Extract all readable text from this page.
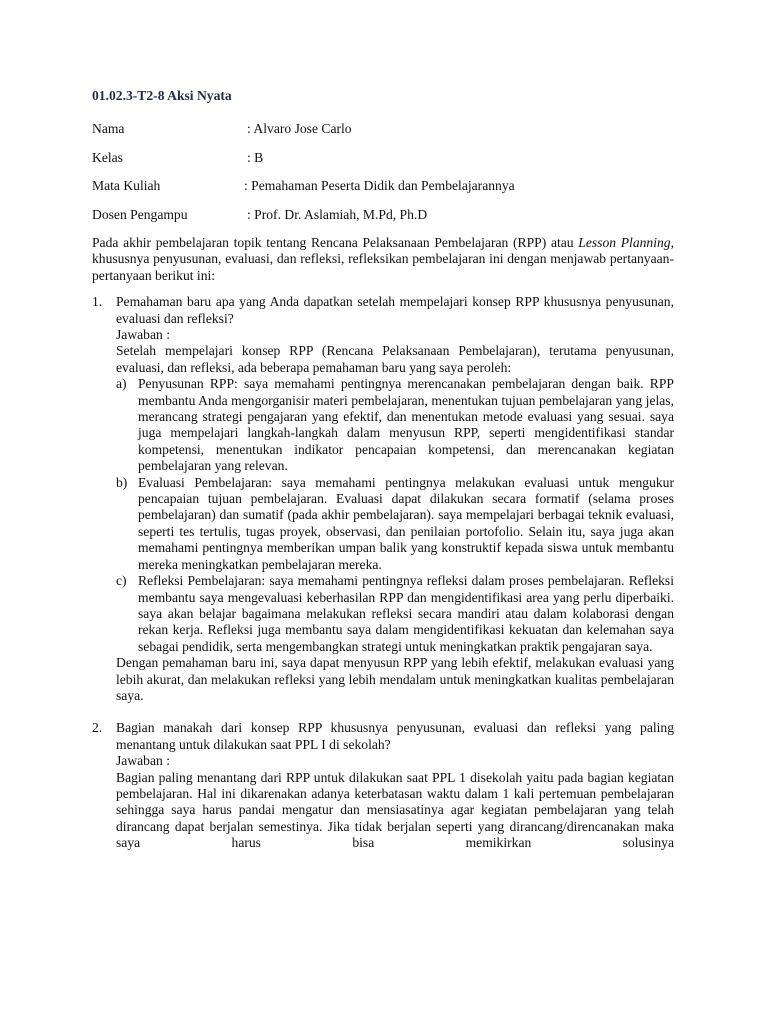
01.02.3-T2-8 Aksi Nyata
Nama	: Alvaro Jose Carlo
Kelas	: B
Mata Kuliah	: Pemahaman Peserta Didik dan Pembelajarannya
Dosen Pengampu	: Prof. Dr. Aslamiah, M.Pd, Ph.D

Pada akhir pembelajaran topik tentang Rencana Pelaksanaan Pembelajaran (RPP) atau Lesson Planning, khususnya penyusunan, evaluasi, dan refleksi, refleksikan pembelajaran ini dengan menjawab pertanyaan-pertanyaan berikut ini:

1. Pemahaman baru apa yang Anda dapatkan setelah mempelajari konsep RPP khususnya penyusunan, evaluasi dan refleksi?

Jawaban :

Setelah mempelajari konsep RPP (Rencana Pelaksanaan Pembelajaran), terutama penyusunan, evaluasi, dan refleksi, ada beberapa pemahaman baru yang saya peroleh:

a) Penyusunan RPP: saya memahami pentingnya merencanakan pembelajaran dengan baik. RPP membantu Anda mengorganisir materi pembelajaran, menentukan tujuan pembelajaran yang jelas, merancang strategi pengajaran yang efektif, dan menentukan metode evaluasi yang sesuai. saya juga mempelajari langkah-langkah dalam menyusun RPP, seperti mengidentifikasi standar kompetensi, menentukan indikator pencapaian kompetensi, dan merencanakan kegiatan pembelajaran yang relevan.

b) Evaluasi Pembelajaran: saya memahami pentingnya melakukan evaluasi untuk mengukur pencapaian tujuan pembelajaran. Evaluasi dapat dilakukan secara formatif (selama proses pembelajaran) dan sumatif (pada akhir pembelajaran). saya mempelajari berbagai teknik evaluasi, seperti tes tertulis, tugas proyek, observasi, dan penilaian portofolio. Selain itu, saya juga akan memahami pentingnya memberikan umpan balik yang konstruktif kepada siswa untuk membantu mereka meningkatkan pembelajaran mereka.

c) Refleksi Pembelajaran: saya memahami pentingnya refleksi dalam proses pembelajaran. Refleksi membantu saya mengevaluasi keberhasilan RPP dan mengidentifikasi area yang perlu diperbaiki. saya akan belajar bagaimana melakukan refleksi secara mandiri atau dalam kolaborasi dengan rekan kerja. Refleksi juga membantu saya dalam mengidentifikasi kekuatan dan kelemahan saya sebagai pendidik, serta mengembangkan strategi untuk meningkatkan praktik pengajaran saya.

Dengan pemahaman baru ini, saya dapat menyusun RPP yang lebih efektif, melakukan evaluasi yang lebih akurat, dan melakukan refleksi yang lebih mendalam untuk meningkatkan kualitas pembelajaran saya.

2. Bagian manakah dari konsep RPP khususnya penyusunan, evaluasi dan refleksi yang paling menantang untuk dilakukan saat PPL I di sekolah?

Jawaban :

Bagian paling menantang dari RPP untuk dilakukan saat PPL 1 disekolah yaitu pada bagian kegiatan pembelajaran. Hal ini dikarenakan adanya keterbatasan waktu dalam 1 kali pertemuan pembelajaran sehingga saya harus pandai mengatur dan mensiasatinya agar kegiatan pembelajaran yang telah dirancang dapat berjalan semestinya. Jika tidak berjalan seperti yang dirancang/direncanakan maka saya harus bisa memikirkan solusinya
